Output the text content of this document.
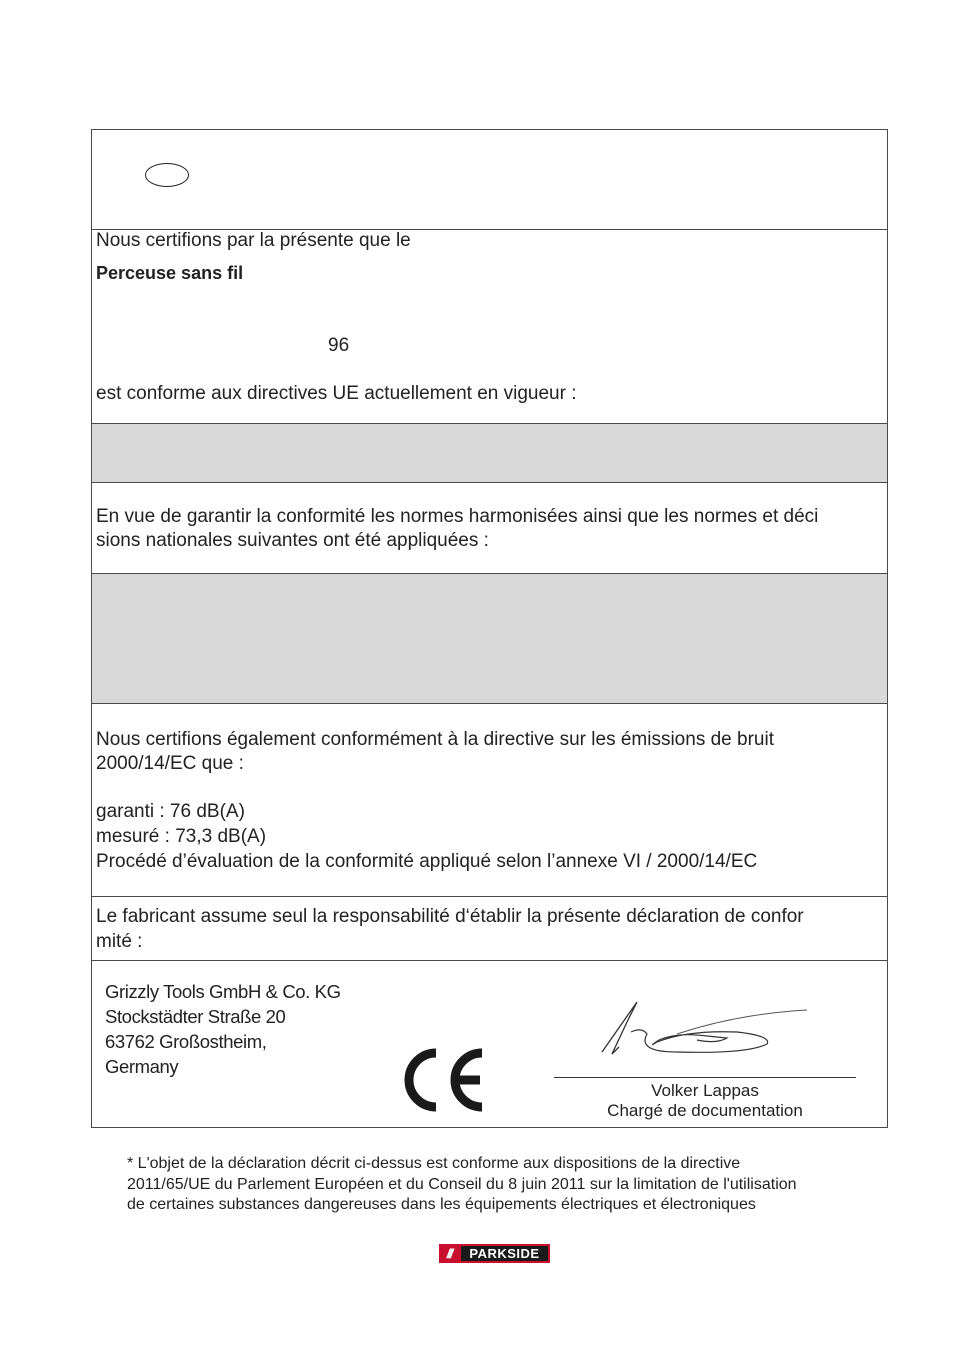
Nous certifions par la présente que le
Perceuse sans fil
96
est conforme aux directives UE actuellement en vigueur :
En vue de garantir la conformité les normes harmonisées ainsi que les normes et déci
sions nationales suivantes ont été appliquées :
Nous certifions également conformément à la directive sur les émissions de bruit
2000/14/EC que :
garanti : 76 dB(A)
mesuré : 73,3 dB(A)
Procédé d’évaluation de la conformité appliqué selon l’annexe VI / 2000/14/EC
Le fabricant assume seul la responsabilité d‘établir la présente déclaration de confor
mité :
Grizzly Tools GmbH & Co. KG
Stockstädter Straße 20
63762 Großostheim,
Germany
Volker Lappas
Chargé de documentation
* L'objet de la déclaration décrit ci-dessus est conforme aux dispositions de la directive
2011/65/UE du Parlement Européen et du Conseil du 8 juin 2011 sur la limitation de l'utilisation
de certaines substances dangereuses dans les équipements électriques et électroniques
///	PARKSIDE
